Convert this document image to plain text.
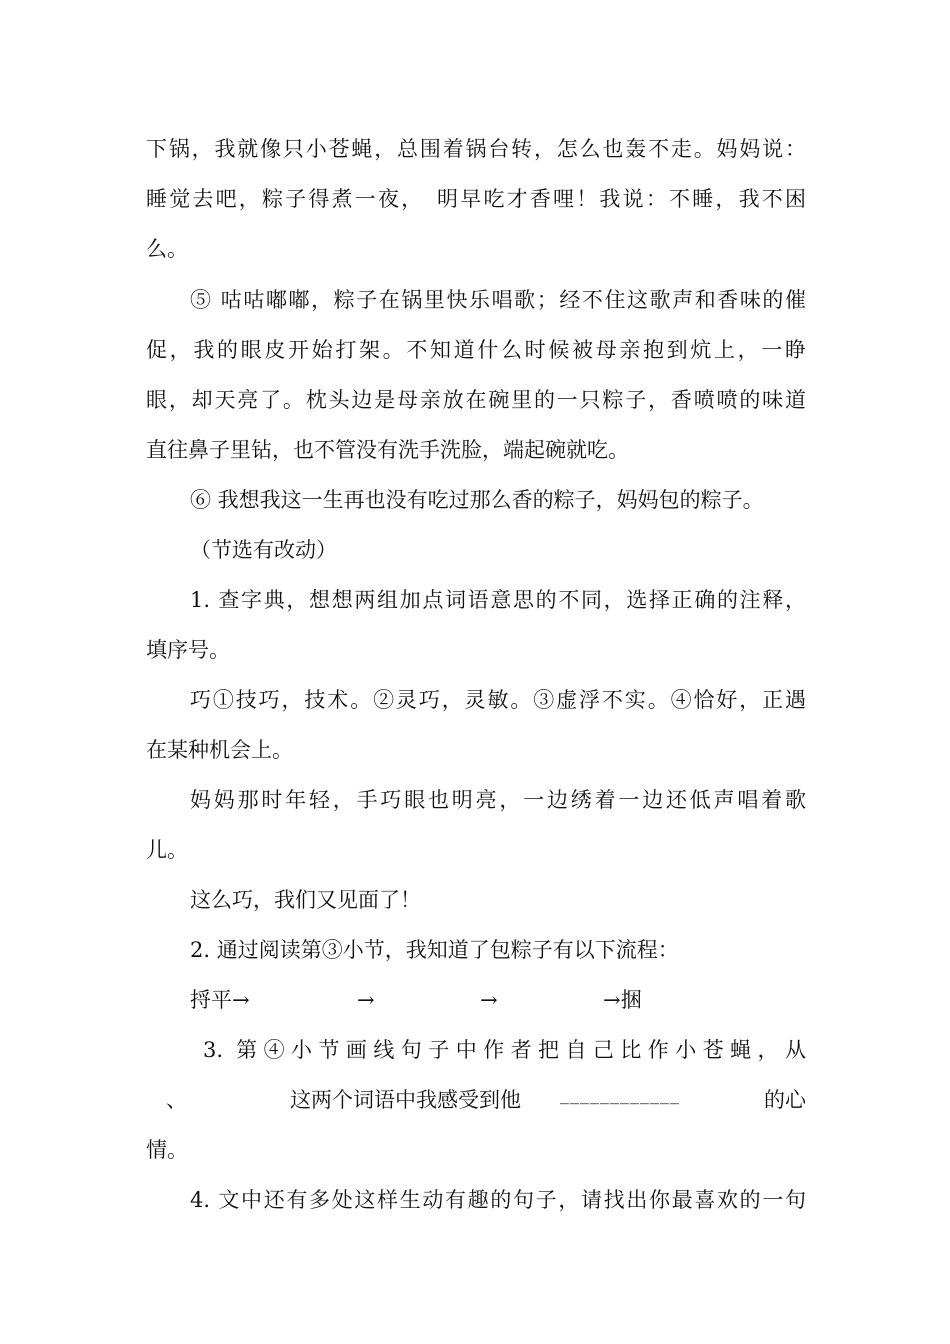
下锅，我就像只小苍蝇，总围着锅台转，怎么也轰不走。妈妈说：
睡觉去吧，粽子得煮一夜，　明早吃才香哩！我说：不睡，我不困
么。
⑤ 咕咕嘟嘟，粽子在锅里快乐唱歌；经不住这歌声和香味的催
促，我的眼皮开始打架。不知道什么时候被母亲抱到炕上，一睁
眼，却天亮了。枕头边是母亲放在碗里的一只粽子，香喷喷的味道
直往鼻子里钻，也不管没有洗手洗脸，端起碗就吃。
⑥ 我想我这一生再也没有吃过那么香的粽子，妈妈包的粽子。
（节选有改动）
1. 查字典，想想两组加点词语意思的不同，选择正确的注释，
填序号。
巧①技巧，技术。②灵巧，灵敏。③虚浮不实。④恰好，正遇
在某种机会上。
妈妈那时年轻，手巧眼也明亮，一边绣着一边还低声唱着歌
儿。
这么巧，我们又见面了！
2. 通过阅读第③小节，我知道了包粽子有以下流程：
捋平→	→	→	→捆
3. 第④小节画线句子中作者把自己比作小苍蝇，从
、	这两个词语中我感受到他 ____________	的心
情。
4. 文中还有多处这样生动有趣的句子，请找出你最喜欢的一句
